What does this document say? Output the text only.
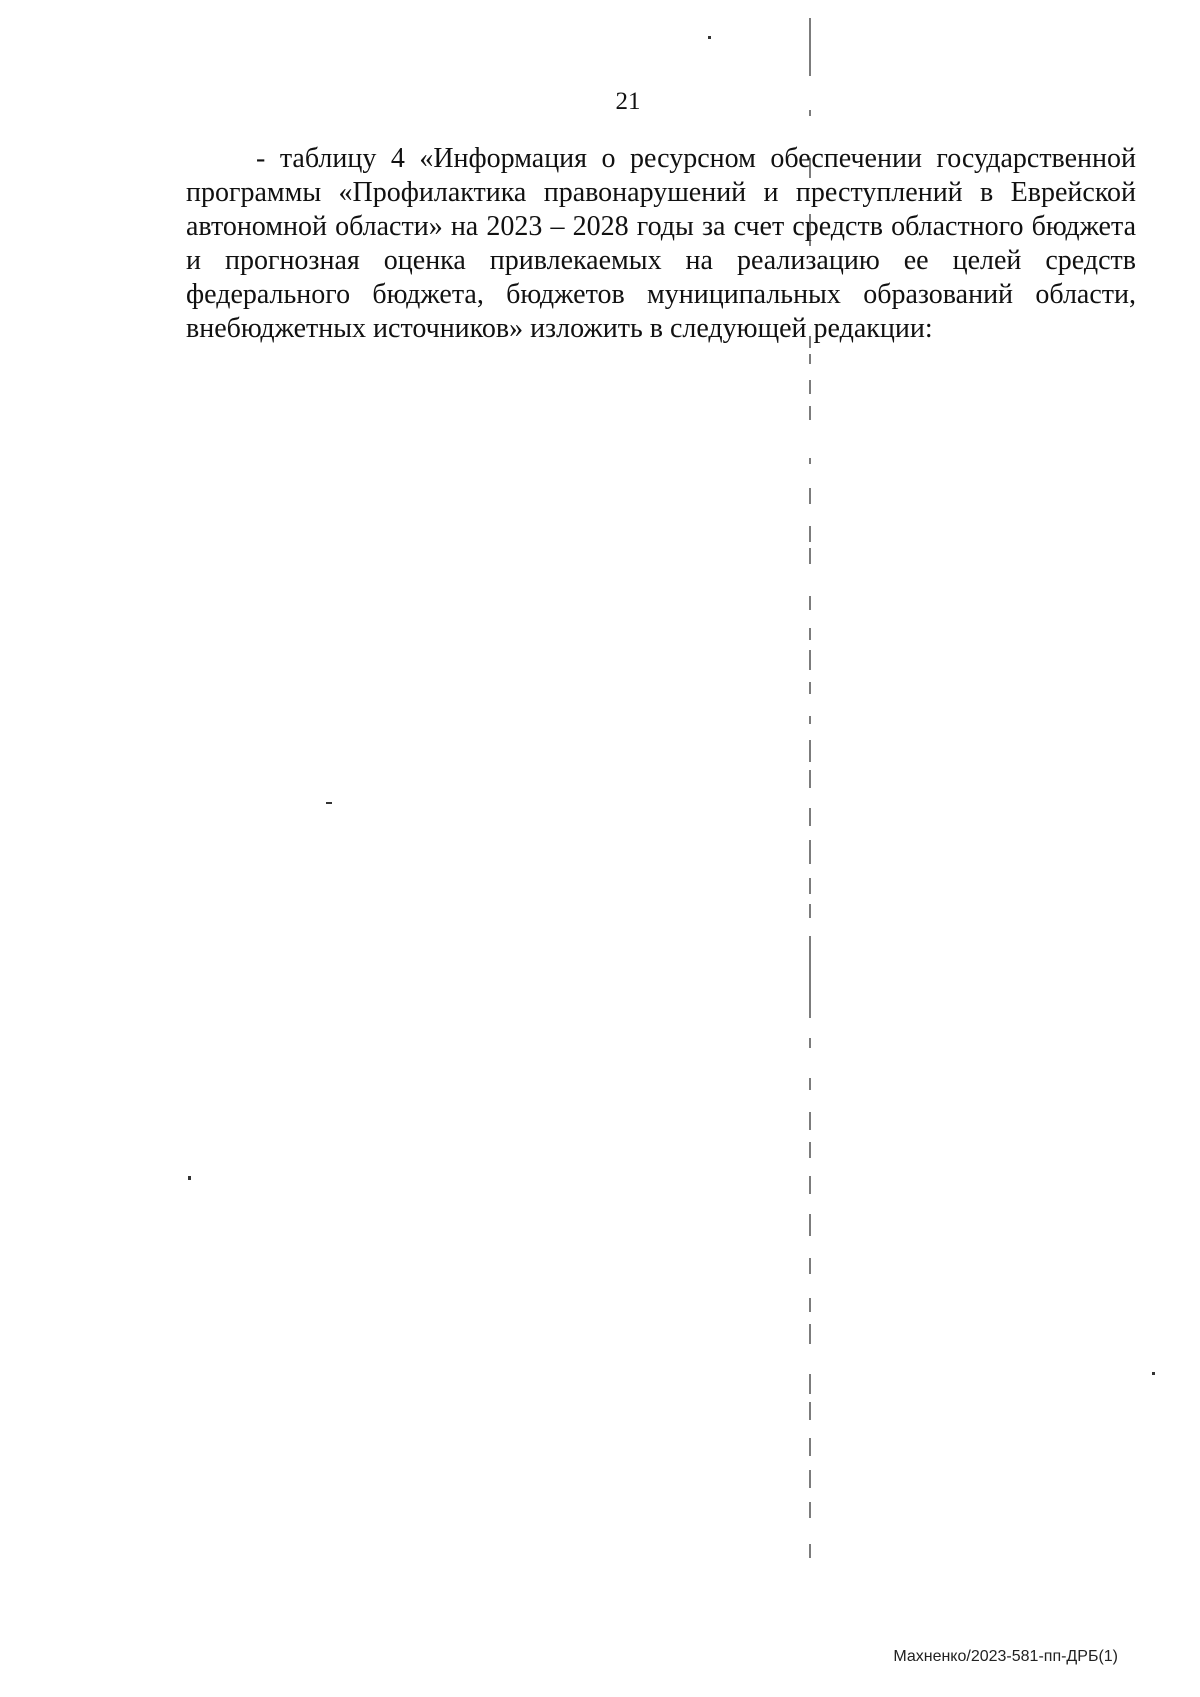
21

- таблицу 4 «Информация о ресурсном обеспечении государственной программы «Профилактика правонарушений и преступлений в Еврейской автономной области» на 2023 – 2028 годы за счет средств областного бюджета и прогнозная оценка привлекаемых на реализацию ее целей средств федерального бюджета, бюджетов муниципальных образований области, внебюджетных источников» изложить в следующей редакции:

Махненко/2023-581-пп-ДРБ(1)
